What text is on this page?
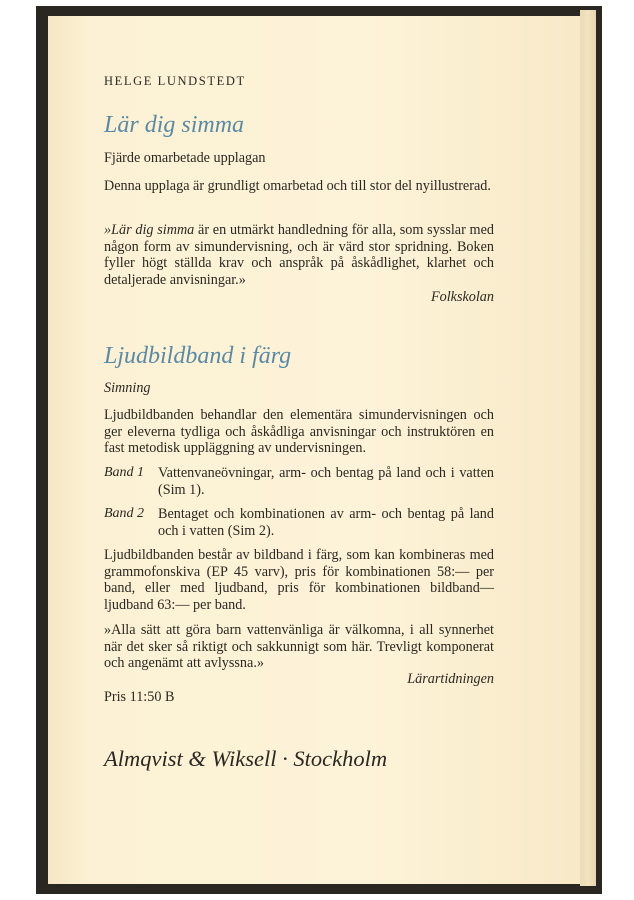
HELGE LUNDSTEDT
Lär dig simma
Fjärde omarbetade upplagan
Denna upplaga är grundligt omarbetad och till stor del nyillustrerad.
»Lär dig simma är en utmärkt handledning för alla, som sysslar med någon form av simundervisning, och är värd stor spridning. Boken fyller högt ställda krav och anspråk på åskådlighet, klarhet och detaljerade anvisningar.»
Folkskolan
Ljudbildband i färg
Simning
Ljudbildbanden behandlar den elementära simundervisningen och ger eleverna tydliga och åskådliga anvisningar och instruktören en fast metodisk uppläggning av undervisningen.
Band 1 Vattenvaneövningar, arm- och bentag på land och i vatten (Sim 1).
Band 2 Bentaget och kombinationen av arm- och bentag på land och i vatten (Sim 2).
Ljudbildbanden består av bildband i färg, som kan kombineras med grammofonskiva (EP 45 varv), pris för kombinationen 58:— per band, eller med ljudband, pris för kombinationen bildband—ljudband 63:— per band.
»Alla sätt att göra barn vattenvänliga är välkomna, i all synnerhet när det sker så riktigt och sakkunnigt som här. Trevligt komponerat och angenämt att avlyssna.»
Lärartidningen
Pris 11:50 B
Almqvist & Wiksell · Stockholm
